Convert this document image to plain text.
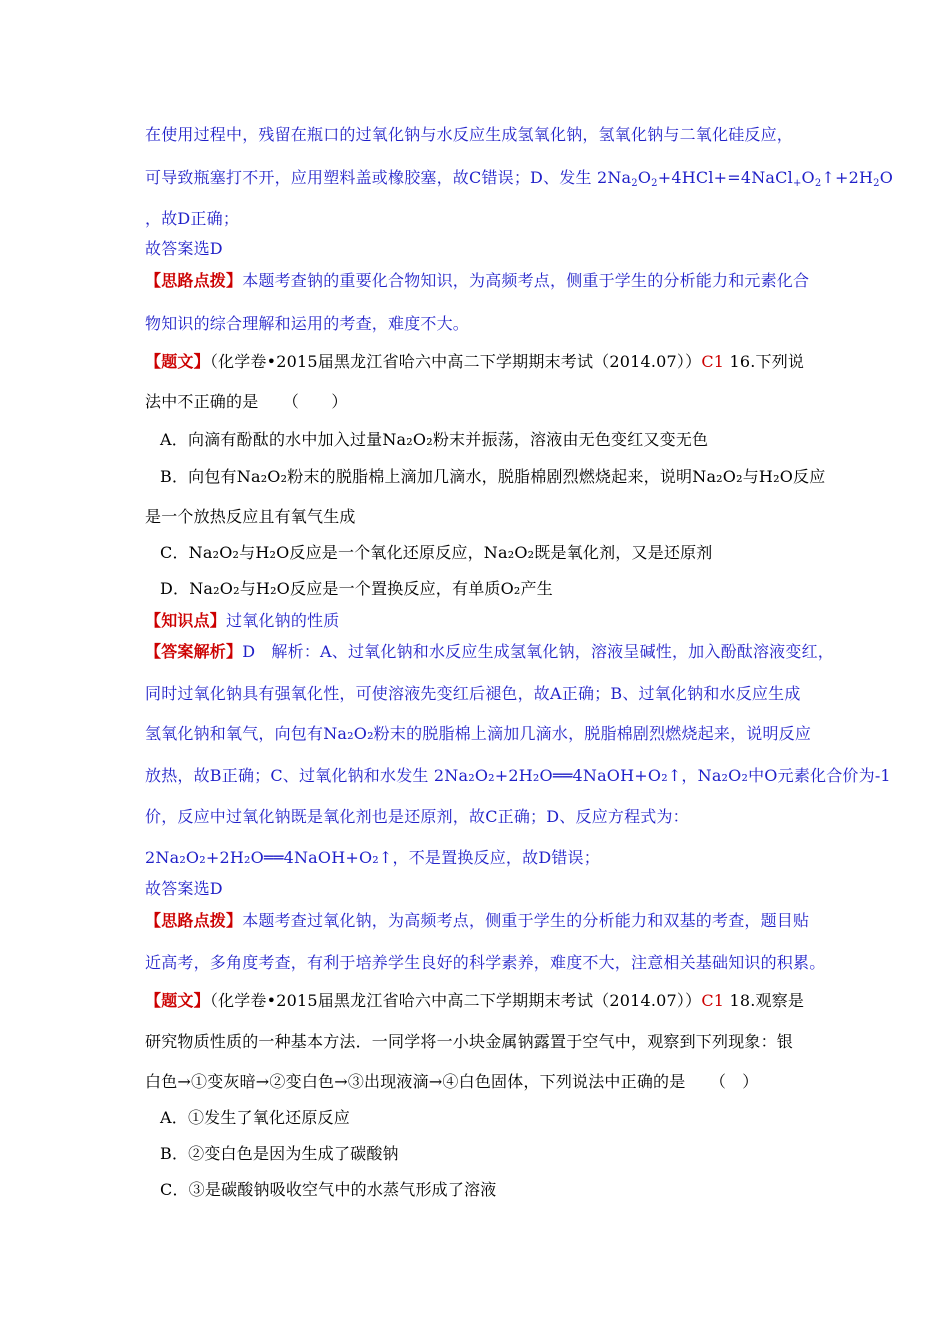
在使用过程中，残留在瓶口的过氧化钠与水反应生成氢氧化钠，氢氧化钠与二氧化硅反应，
可导致瓶塞打不开，应用塑料盖或橡胶塞，故C错误；D、发生 $2Na_2O_2+4HCl+=4NaCl_+O_2↑+2H_2O$
，故D正确；
故答案选D
【思路点拨】本题考查钠的重要化合物知识，为高频考点，侧重于学生的分析能力和元素化合
物知识的综合理解和运用的考查，难度不大。
【题文】（化学卷•2015届黑龙江省哈六中高二下学期期末考试（2014.07））C1 16.下列说
法中不正确的是　　（　　）
A．向滴有酚酞的水中加入过量Na₂O₂粉末并振荡，溶液由无色变红又变无色
B．向包有Na₂O₂粉末的脱脂棉上滴加几滴水，脱脂棉剧烈燃烧起来，说明Na₂O₂与H₂O反应
是一个放热反应且有氧气生成
C．Na₂O₂与H₂O反应是一个氧化还原反应，Na₂O₂既是氧化剂，又是还原剂
D．Na₂O₂与H₂O反应是一个置换反应，有单质O₂产生
【知识点】过氧化钠的性质
【答案解析】D　解析：A、过氧化钠和水反应生成氢氧化钠，溶液呈碱性，加入酚酞溶液变红，
同时过氧化钠具有强氧化性，可使溶液先变红后褪色，故A正确；B、过氧化钠和水反应生成
氢氧化钠和氧气，向包有Na₂O₂粉末的脱脂棉上滴加几滴水，脱脂棉剧烈燃烧起来，说明反应
放热，故B正确；C、过氧化钠和水发生 2Na₂O₂+2H₂O══4NaOH+O₂↑，Na₂O₂中O元素化合价为-1
价，反应中过氧化钠既是氧化剂也是还原剂，故C正确；D、反应方程式为：
2Na₂O₂+2H₂O══4NaOH+O₂↑，不是置换反应，故D错误；
故答案选D
【思路点拨】本题考查过氧化钠，为高频考点，侧重于学生的分析能力和双基的考查，题目贴
近高考，多角度考查，有利于培养学生良好的科学素养，难度不大，注意相关基础知识的积累。
【题文】（化学卷•2015届黑龙江省哈六中高二下学期期末考试（2014.07））C1 18.观察是
研究物质性质的一种基本方法．一同学将一小块金属钠露置于空气中，观察到下列现象：银
白色→①变灰暗→②变白色→③出现液滴→④白色固体，下列说法中正确的是　　（　）
A．①发生了氧化还原反应
B．②变白色是因为生成了碳酸钠
C．③是碳酸钠吸收空气中的水蒸气形成了溶液
